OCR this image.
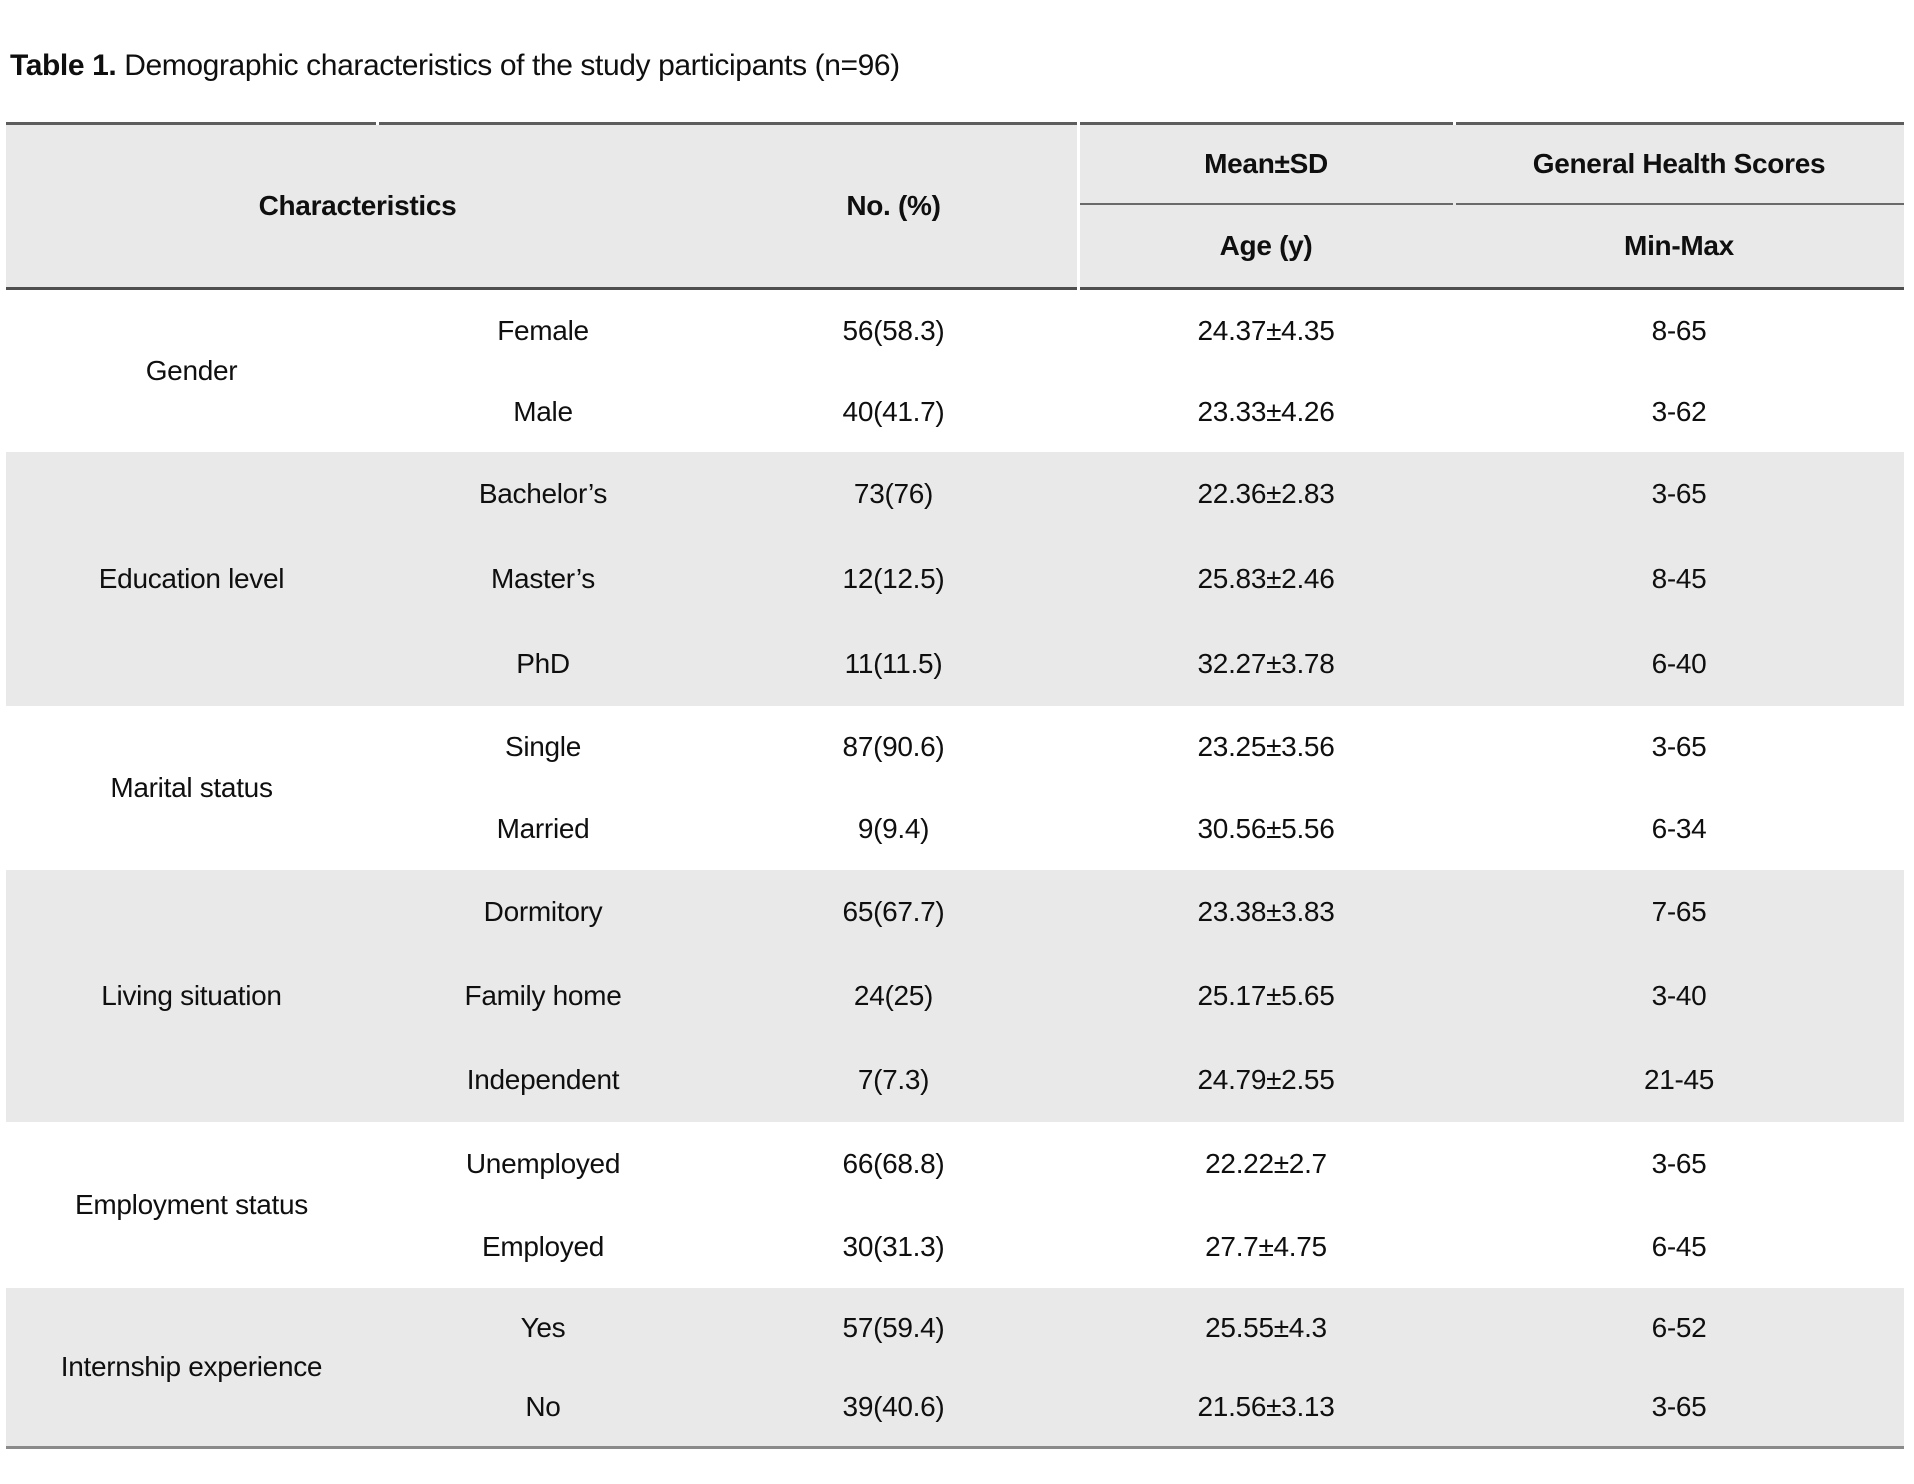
Table 1. Demographic characteristics of the study participants (n=96)
Characteristics	No. (%)
Mean±SD	General Health Scores
Age (y)	Min-Max
Gender
Female	56(58.3)	24.37±4.35	8-65
Male	40(41.7)	23.33±4.26	3-62
Education level
Bachelor’s	73(76)	22.36±2.83	3-65
Master’s	12(12.5)	25.83±2.46	8-45
PhD	11(11.5)	32.27±3.78	6-40
Marital status
Single	87(90.6)	23.25±3.56	3-65
Married	9(9.4)	30.56±5.56	6-34
Living situation
Dormitory	65(67.7)	23.38±3.83	7-65
Family home	24(25)	25.17±5.65	3-40
Independent	7(7.3)	24.79±2.55	21-45
Employment status
Unemployed	66(68.8)	22.22±2.7	3-65
Employed	30(31.3)	27.7±4.75	6-45
Internship experience
Yes	57(59.4)	25.55±4.3	6-52
No	39(40.6)	21.56±3.13	3-65
